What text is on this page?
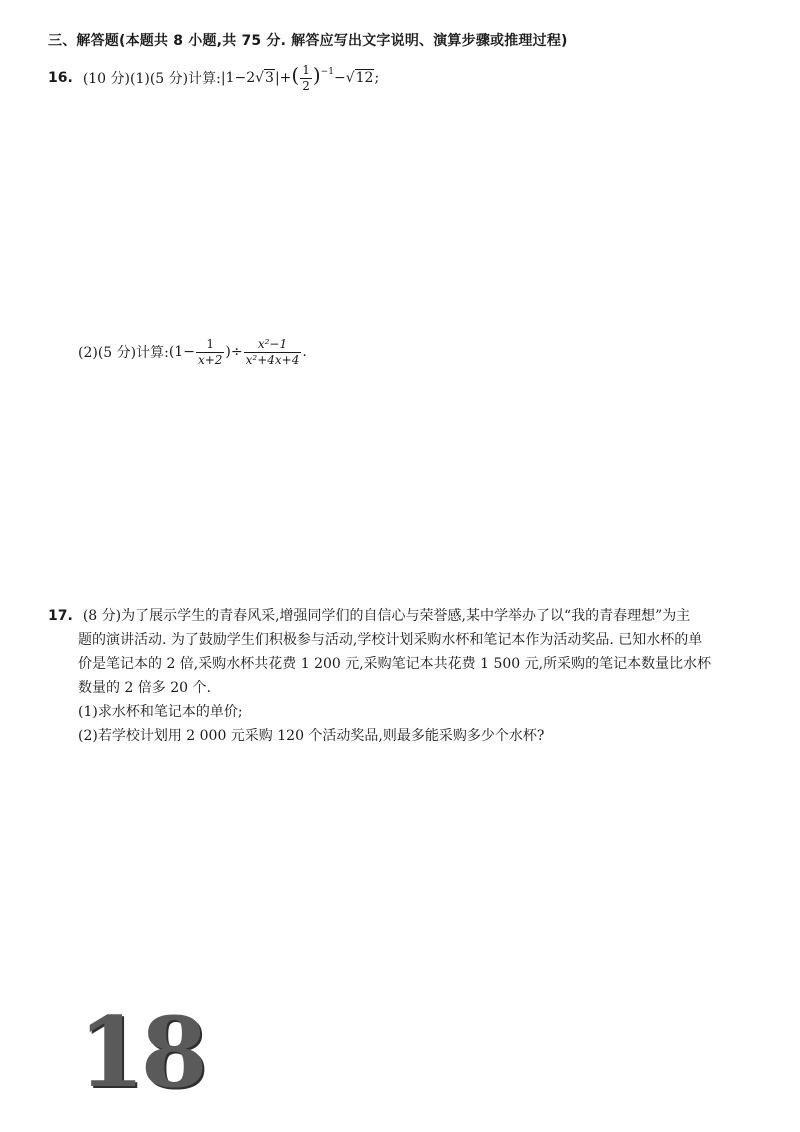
三、解答题(本题共 8 小题,共 75 分. 解答应写出文字说明、演算步骤或推理过程)
16. (10 分)(1)(5 分)计算: |1−2 √ 3 |+( $\frac{1}{2} )^{-1}-$ √ 12 ;
(2)(5 分)计算: ($1- \frac{1}{x+2}$ )÷ $\frac{\text{x²−1}}{\text{x²+4x+4}}$ .
17. (8 分)为了展示学生的青春风采,增强同学们的自信心与荣誉感,某中学举办了以“我的青春理想”为主
题的演讲活动. 为了鼓励学生们积极参与活动,学校计划采购水杯和笔记本作为活动奖品. 已知水杯的单
价是笔记本的 2 倍,采购水杯共花费 1 200 元,采购笔记本共花费 1 500 元,所采购的笔记本数量比水杯
数量的 2 倍多 20 个.
(1)求水杯和笔记本的单价;
(2)若学校计划用 2 000 元采购 120 个活动奖品,则最多能采购多少个水杯?
18
